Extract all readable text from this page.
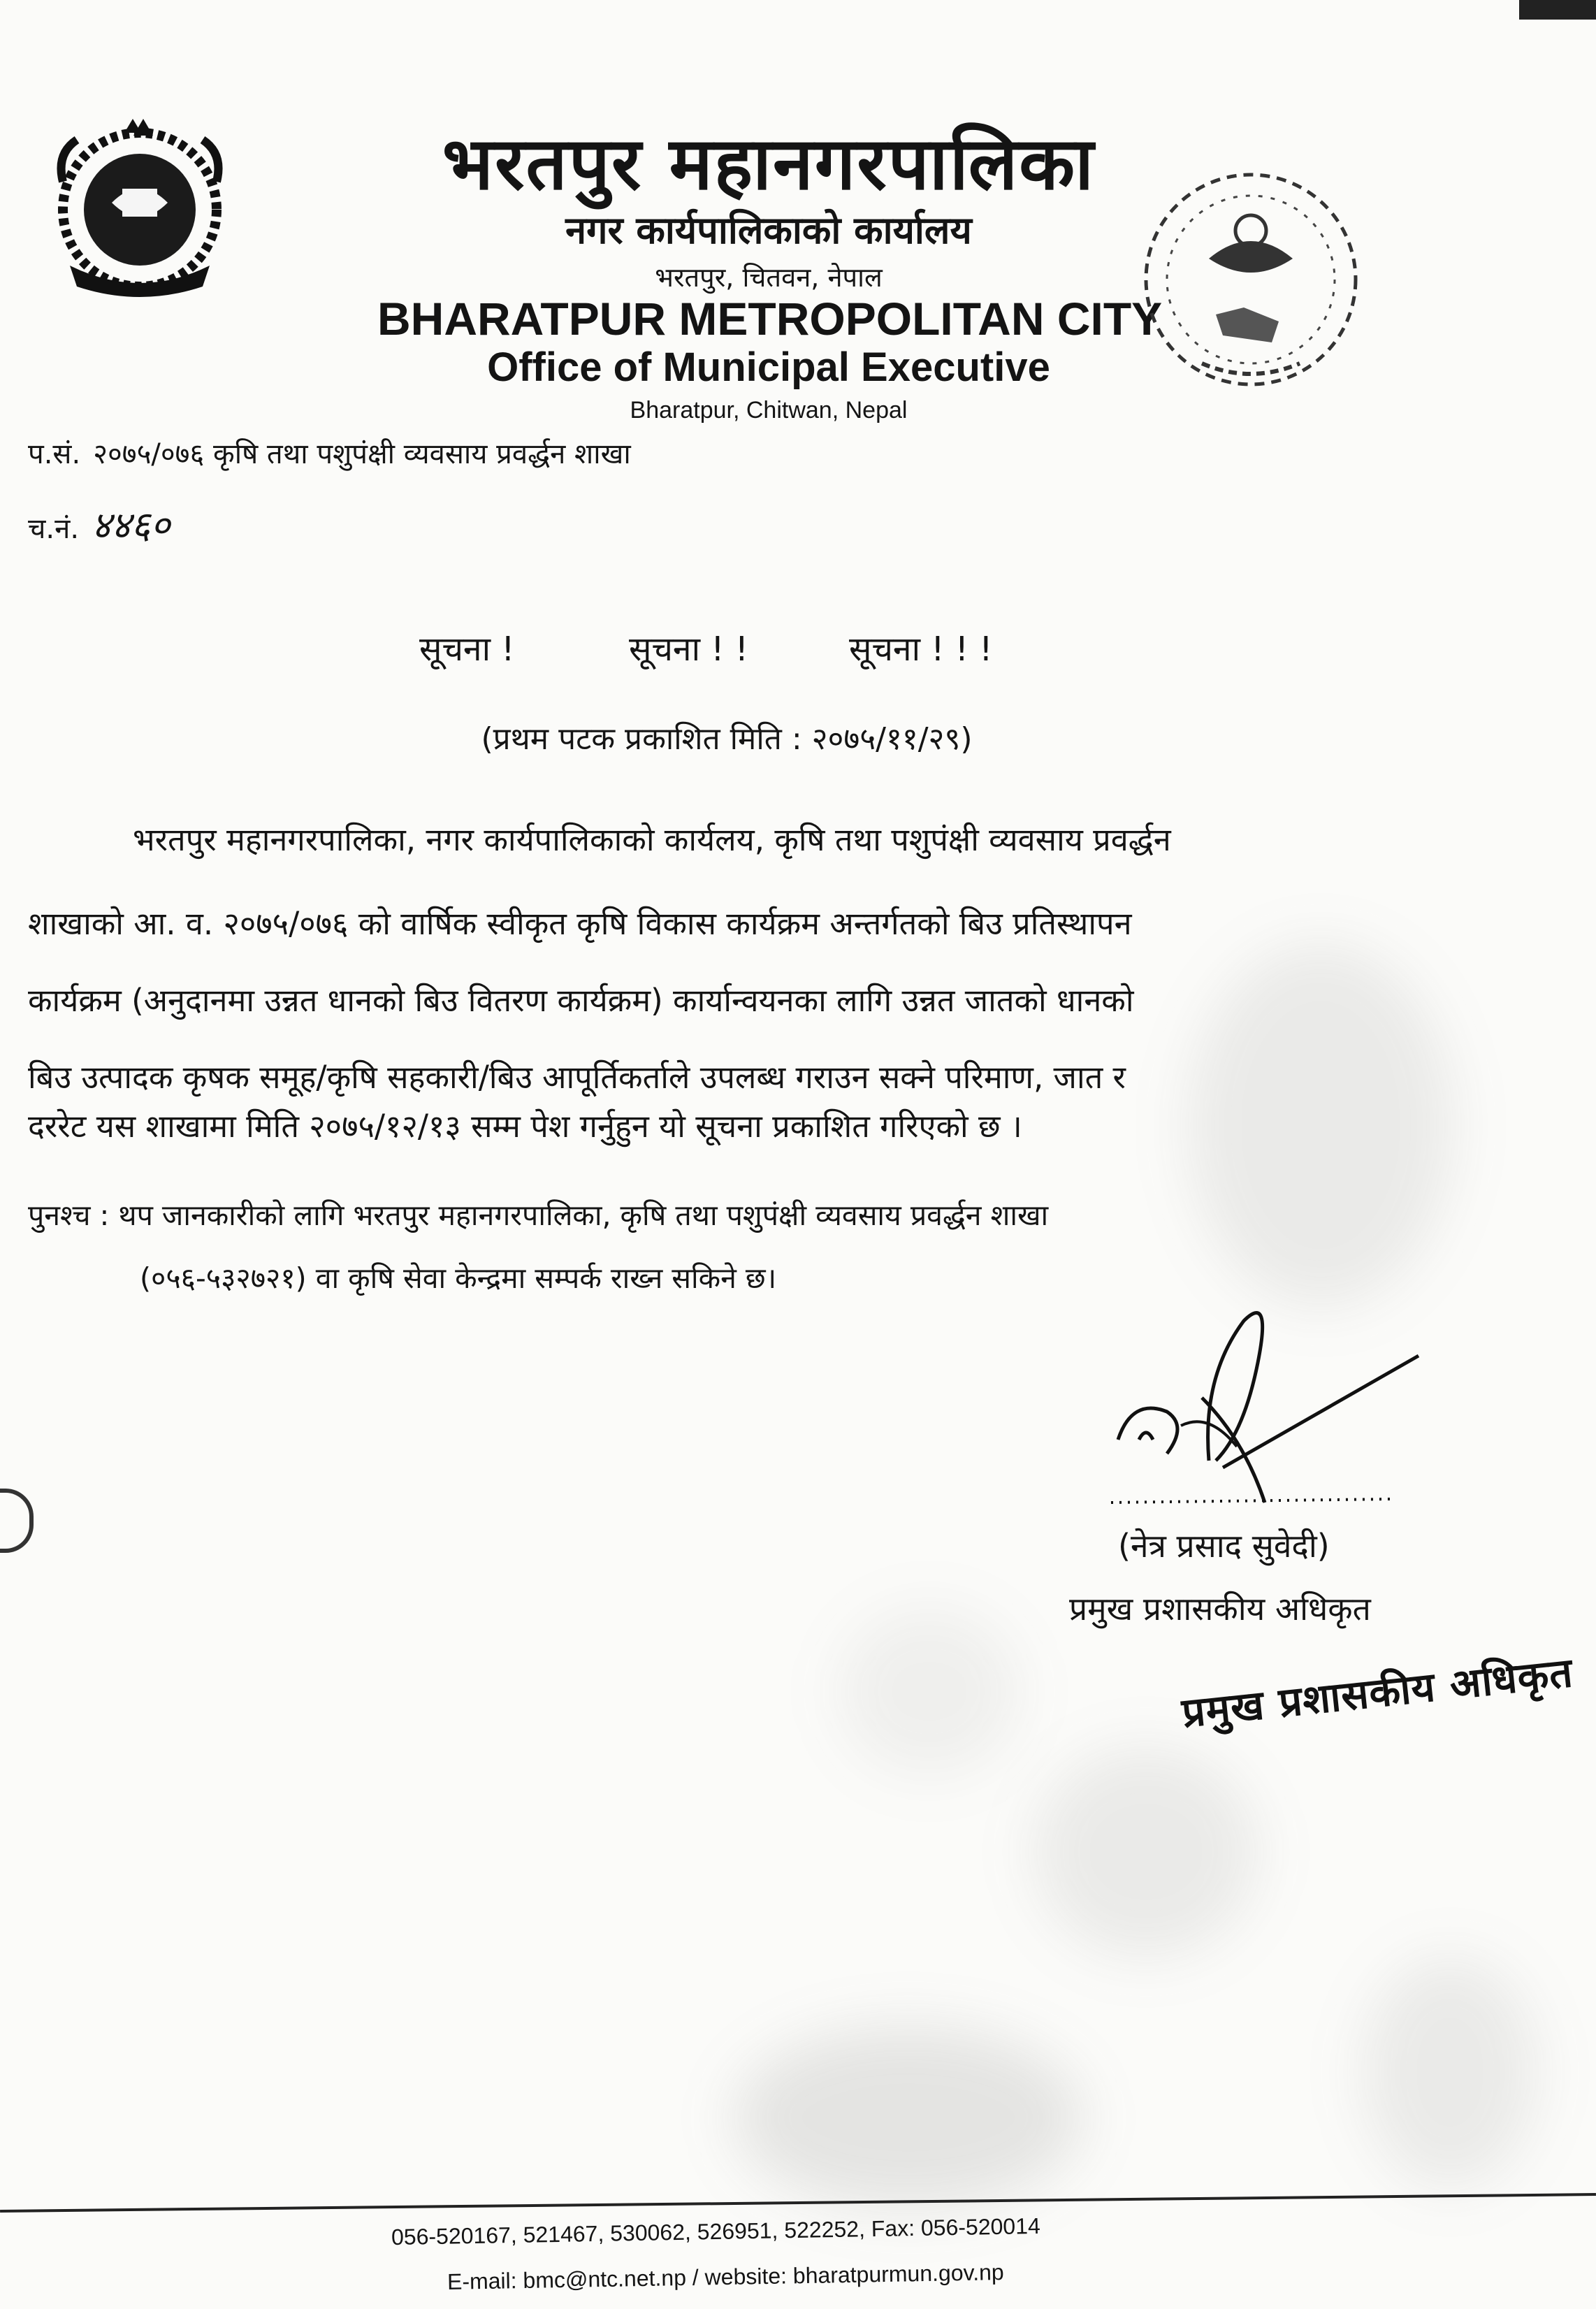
भरतपुर महानगरपालिका
नगर कार्यपालिकाको कार्यालय
भरतपुर, चितवन, नेपाल
BHARATPUR METROPOLITAN CITY
Office of Municipal Executive
Bharatpur, Chitwan, Nepal
प.सं. २०७५/०७६ कृषि तथा पशुपंक्षी व्यवसाय प्रवर्द्धन शाखा
च.नं. ४४६०
सूचना !	सूचना ! !	सूचना ! ! !
(प्रथम पटक प्रकाशित मिति : २०७५/११/२९)
भरतपुर महानगरपालिका, नगर कार्यपालिकाको कार्यलय, कृषि तथा पशुपंक्षी व्यवसाय प्रवर्द्धन
शाखाको आ. व. २०७५/०७६ को वार्षिक स्वीकृत कृषि विकास कार्यक्रम अन्तर्गतको बिउ प्रतिस्थापन
कार्यक्रम (अनुदानमा उन्नत धानको बिउ वितरण कार्यक्रम) कार्यान्वयनका लागि उन्नत जातको धानको
बिउ उत्पादक कृषक समूह/कृषि सहकारी/बिउ आपूर्तिकर्ताले उपलब्ध गराउन सक्ने परिमाण, जात र
दररेट यस शाखामा मिति २०७५/१२/१३ सम्म पेश गर्नुहुन यो सूचना प्रकाशित गरिएको छ ।
पुनश्च : थप जानकारीको लागि भरतपुर महानगरपालिका, कृषि तथा पशुपंक्षी व्यवसाय प्रवर्द्धन शाखा
(०५६-५३२७२१) वा कृषि सेवा केन्द्रमा सम्पर्क राख्न सकिने छ।
(नेत्र प्रसाद सुवेदी)
प्रमुख प्रशासकीय अधिकृत
प्रमुख प्रशासकीय अधिकृत
056-520167, 521467, 530062, 526951, 522252, Fax: 056-520014
E-mail: bmc@ntc.net.np / website: bharatpurmun.gov.np
